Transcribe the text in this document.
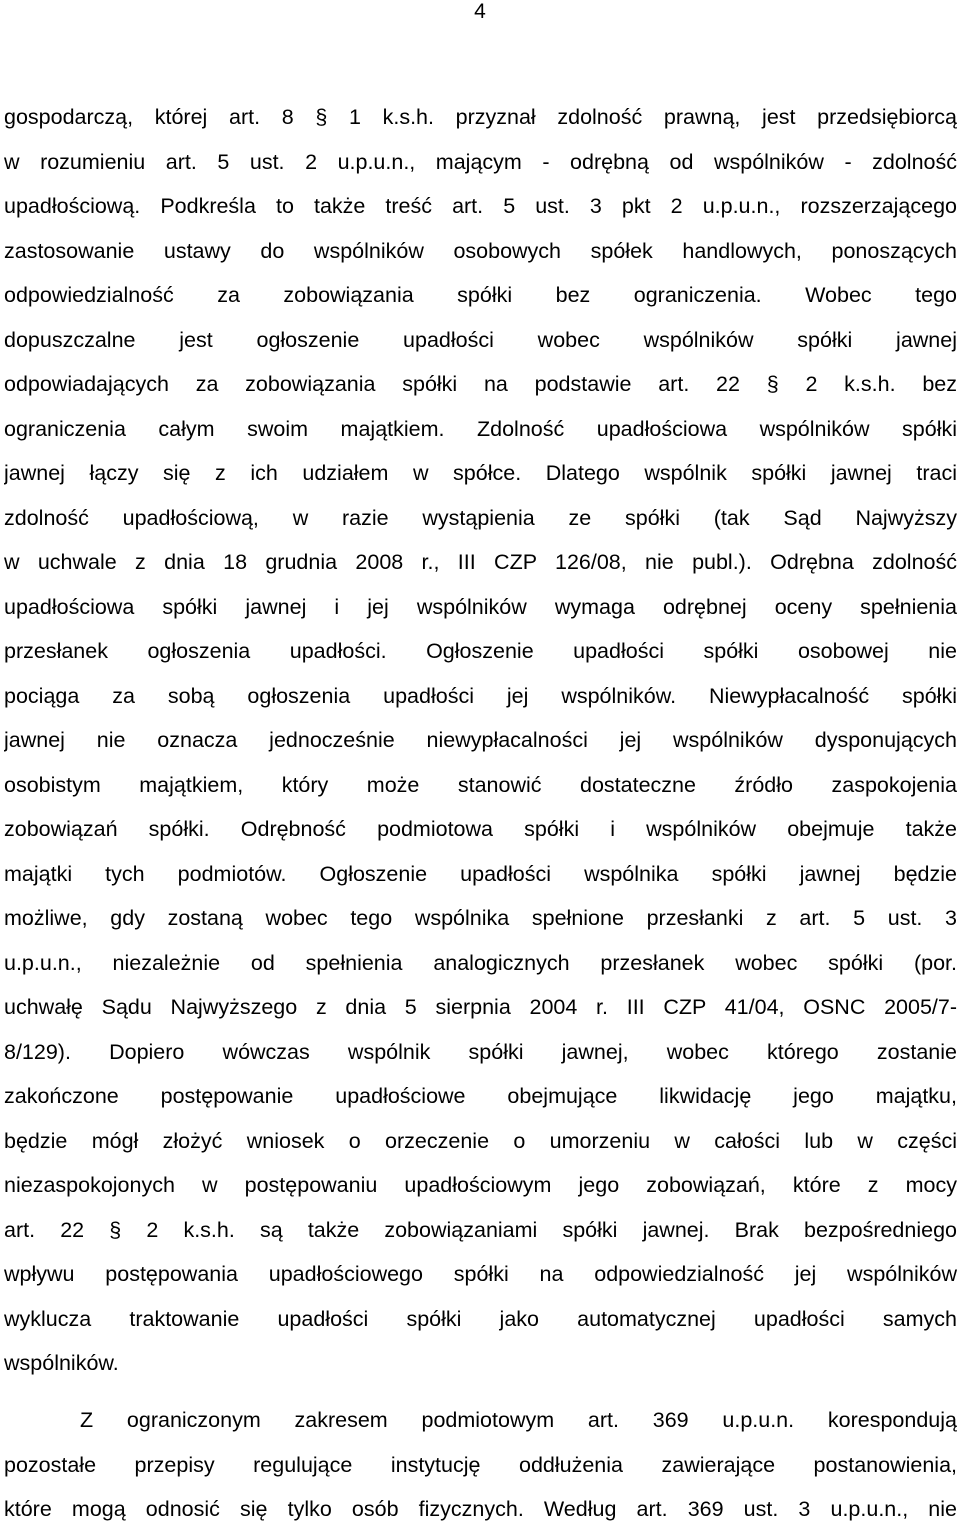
4
gospodarczą, której art. 8 § 1 k.s.h. przyznał zdolność prawną, jest przedsiębiorcą
w rozumieniu art. 5 ust. 2 u.p.u.n., mającym - odrębną od wspólników - zdolność
upadłościową. Podkreśla to także treść art. 5 ust. 3 pkt 2 u.p.u.n., rozszerzającego
zastosowanie ustawy do wspólników osobowych spółek handlowych, ponoszących
odpowiedzialność za zobowiązania spółki bez ograniczenia. Wobec tego
dopuszczalne jest ogłoszenie upadłości wobec wspólników spółki jawnej
odpowiadających za zobowiązania spółki na podstawie art. 22 § 2 k.s.h. bez
ograniczenia całym swoim majątkiem. Zdolność upadłościowa wspólników spółki
jawnej łączy się z ich udziałem w spółce. Dlatego wspólnik spółki jawnej traci
zdolność upadłościową, w razie wystąpienia ze spółki (tak Sąd Najwyższy
w uchwale z dnia 18 grudnia 2008 r., III CZP 126/08, nie publ.). Odrębna zdolność
upadłościowa spółki jawnej i jej wspólników wymaga odrębnej oceny spełnienia
przesłanek ogłoszenia upadłości. Ogłoszenie upadłości spółki osobowej nie
pociąga za sobą ogłoszenia upadłości jej wspólników. Niewypłacalność spółki
jawnej nie oznacza jednocześnie niewypłacalności jej wspólników dysponujących
osobistym majątkiem, który może stanowić dostateczne źródło zaspokojenia
zobowiązań spółki. Odrębność podmiotowa spółki i wspólników obejmuje także
majątki tych podmiotów. Ogłoszenie upadłości wspólnika spółki jawnej będzie
możliwe, gdy zostaną wobec tego wspólnika spełnione przesłanki z art. 5 ust. 3
u.p.u.n., niezależnie od spełnienia analogicznych przesłanek wobec spółki (por.
uchwałę Sądu Najwyższego z dnia 5 sierpnia 2004 r. III CZP 41/04, OSNC 2005/7-
8/129). Dopiero wówczas wspólnik spółki jawnej, wobec którego zostanie
zakończone postępowanie upadłościowe obejmujące likwidację jego majątku,
będzie mógł złożyć wniosek o orzeczenie o umorzeniu w całości lub w części
niezaspokojonych w postępowaniu upadłościowym jego zobowiązań, które z mocy
art. 22 § 2 k.s.h. są także zobowiązaniami spółki jawnej. Brak bezpośredniego
wpływu postępowania upadłościowego spółki na odpowiedzialność jej wspólników
wyklucza traktowanie upadłości spółki jako automatycznej upadłości samych
wspólników.
Z ograniczonym zakresem podmiotowym art. 369 u.p.u.n. korespondują
pozostałe przepisy regulujące instytucję oddłużenia zawierające postanowienia,
które mogą odnosić się tylko osób fizycznych. Według art. 369 ust. 3 u.p.u.n., nie
